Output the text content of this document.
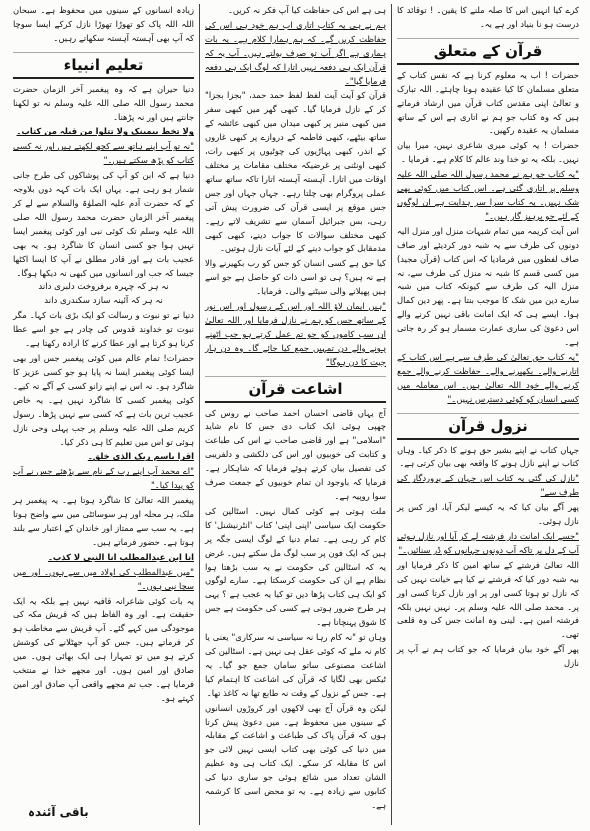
کرے کیا انہیں اس کا صلہ ملنے کا یقین۔ ! توقائد کا درست ہو نا بنیاد اور ہے یہ۔

قرآن کے متعلق

حضرات ! اب یہ معلوم کرنا ہے کہ نفس کتاب کے متعلق مسلمان کا کیا عقیدہ ہونا چاہئے۔ اللہ تبارک و تعالیٰ اپنی مقدس کتاب قرآن میں ارشاد فرماتے ہیں کہ وہ کتاب جو ہم نے اتاری ہے اس کے ساتھ مسلمان یہ عقیدہ رکھیں۔

حضرات ! یہ کوئی میری شاعری نہیں، میرا بیان نہیں۔ بلکہ یہ تو خدا وند عالم کا کلام ہے۔ فرمایا ۔

"یہ کتاب جو ہم نے محمد رسول اللہ صلی اللہ علیہ وسلم پر اتاری گئی ہے۔ اس کتاب میں کوئی بھی شک نہیں۔ یہ کتاب سرا سر ہدایت ہے ان لوگوں کے لئے جو پرہیز گار ہیں۔"

اس آیت کریمہ میں تمام شبہات منزل اور منزل الیہ دونوں کی طرف سے یہ شبہ دور کردیئے اور صاف صاف لفظوں میں فرمادیا کہ اس کتاب (قرآن مجید) میں کسی قسم کا شبہ نہ منزل کی طرف سے، نہ منزل الیہ کی طرف سے کیونکہ کتاب میں شبہ سارے دین میں شک کا موجب بنتا ہے۔ پھر دین کمال ہوا۔ ایسے ہی کہ ایک امانت باقی نہیں کرنے والے اس دعویٰ کی ساری عمارت مسمار ہو کر رہ جاتی ہے۔

"یہ کتاب حق تعالیٰ کی طرف سے ہے اس کتاب کے اتارنے والے۔ بکھیرنے والے۔ حفاظت کرنے والے جمع کرنے والے خود اللہ تعالیٰ ہیں۔ اس معاملہ میں کسی انسان کو کوئی دسترس نہیں۔"

نزول قرآن

جہاں کتاب نے اپنے بشیر حق ہونے کا ذکر کیا۔ وہاں کتاب نے اپنے نازل ہونے کا واقعہ بھی بیان کرتی ہے۔

"نازل کی گئی یہ کتاب اس جہان کے پروردگار کی طرف سے"

پھر آگے بیان کیا کہ یہ کیسے لیکر آیا، اور کس پر نازل ہوئی۔

"جسے ایک امانت دار فرشتہ لے کر آیا اور نازل ہوئی آپ کے دل پر تاکہ آپ دونوں جہانوں کو ڈر سنائیں۔"

اللہ تعالیٰ فرشتے کے ساتھ امین کا ذکر فرمایا اور بیہ شبہ دور کیا کہ فرشتے نے کیا ہے خیانت نہیں کی کہ نازل تو ہوتا کسی اور پر اور نازل کرتا کسی اور پر۔ محمد صلی اللہ علیہ وسلم پر۔ نہیں نہیں بلکہ فرشتہ امین ہے۔ لینی وہ امانت جس کی وہ قلعی تھی۔

پھر آگے خود بیان فرمایا کہ جو کتاب ہم نے آپ پر نازل

ہی ہے اس کی حفاظت کیا آپ فکر نہ کریں۔

ہم نے ہی یہ کتاب اتاری اب ہم خود ہی اس کی حفاظت کریں گے۔ کہ ہم ہمارا کلام ہے۔ یہ بات ہماری ہے اگر آپ تو صرف بولتے ہیں۔ آپ یہ کہ قرآن ایک ہی دفعہ نہیں اتارا کہ لوگ ایک ہی دفعہ فرمایا گیا"۔

قرآن کو آیت آیت لفظ لفظ حمد حمد، "بجزا بجزا" کر کے نازل فرمایا گیا۔ کبھی گھر میں کبھی سفر میں کبھی منبر پر کبھی میدان میں کبھی عائشہ کے ساتھ بیٹھے، کبھی فاطمہ کے دروازے پر کبھی غاروں کے اندر، کبھی پہاڑیوں کی چوٹیوں پر کبھی رات، کبھی اونٹنی پر غرضیکہ مختلف مقامات پر مختلف اوقات میں اتارا۔ آہستہ آہستہ اتارا تاکہ ساتھ ساتھ عملی پروگرام بھی چلتا رہے۔ جہاں جہاں اور جس جس موقع پر ایسی قرآن کی ضرورت پیش آتی رہی، بس جبرائیل آسمان سے تشریف لاتے رہے۔ کبھی مختلف سوالات کا جواب دینے، کبھی کبھی مدمقابل کو جواب دینے کے لئے آیات نازل ہوتیں۔

کیا حق ہے کسی انسان کو جس کو رب بکھیرنے والا ہے نہ ہیں؟ ہی تو اسی ذات کو حاصل ہے جو اسے ہیں پھیلانے والی سیٹنے والی۔ فرمایا۔

"ہیں ایمان لاؤ اللہ اور اس کے رسول اور اس نور کے ساتھ جس کو ہم نے نازل فرمایا اور اللہ تعالیٰ ان سب کاموں کو جو تم عمل کرتے ہو جب اٹھنے ہونے والے دن تمہیں جمع کیا جائے گا۔ وہ دن ہار جیت کا دن ہوگا"

اشاعت قرآن

آج یہاں قاضی احسان احمد صاحب نے روس کی چھپی ہوئی ایک کتاب دی جس کا نام شاید "اسلامی" ہے اور قاضی صاحب نے اس کی طباعت و کتابت کی خوبیوں اور اس کی دلکشی و دلفریبی کی تفصیل بیان کرتے ہوئے فرمایا کہ شاہکار ہے۔ فرمایا کہ باوجود ان تمام خوبیوں کے جمعت صرف سوا روپیہ ہے۔

ملت ہوتی ہے کوئی کمال نہیں۔ اسٹالین کی حکومت ایک سیاسی 'اپنی اپنی' کتاب 'انٹرنیشنل' کا کام کر رہی ہے۔ تمام دنیا کے لوگ ایسی جگہ پر ہیں کہ ایک فون پر سب لوگ مل سکتے ہیں۔ غرض یہ کہ اسٹالین کی حکومت نے یہ سب بڑھتا ہوا نظام ہے ان کی حکومت کرسکتا ہے۔ سارے لوگوں کو ایک ہی کتاب پڑھا دیں تو کیا یہ عجب ہے ؟ یہی ہر طرح ضرور ہوتی ہے کسی کی حکومت ہے جس کا شوق پہنچانا ہے۔

وہاں تو "نہ کام رہا نہ سیاسی نہ سرکاری" یعنی یا کام نہ ملے کہ کوئی عقل ہی نہیں ہے۔ اسٹالین کی اشاعت مصنوعی ساتو سامان جمع جو گیا۔ یہ ٹیکس بھی لگایا کہ قرآن کی اشاعت کا اہتمام کیا ہے۔ جس کے نزول کے وقت نہ طابع تھا نہ کاغذ تھا۔

لیکن وہ قرآن آج بھی لاکھوں اور کروڑوں انسانوں کے سینوں میں محفوظ ہے۔ میں دعویٰ پیش کرتا ہوں کہ قرآن پاک کی طباعت و اشاعت کے مقابلہ میں دنیا کی کوئی بھی کتاب ایسی نہیں لائی جو اس کا مقابلہ کر سکے۔ ایک کتاب ہی وہ عظیم الشان تعداد میں شائع ہوئی جو ساری دنیا کی کتابوں سے زیادہ ہے۔ یہ تو محض اسی کا کرشمہ ہے۔

زیادہ انسانوں کے سینوں میں محفوظ ہے۔ سبحان اللہ اللہ پاک کو تھوڑا تھوڑا نازل کرکے ایسا سوچا کہ آپ بھی آہستہ آہستہ سکھاتے رہیں۔

تعلیم انبیاء

دنیا حیران ہے کہ وہ پیغمبر آخر الزمان حضرت محمد رسول اللہ صلی اللہ علیہ وسلم نہ تو لکھنا جانتے ہیں اور نہ پڑھنا۔

ولا تخط بیمینک ولا تتلوا من قبلہ من کتاب۔

"نہ تو آپ اپنے ہاتھ سے کچھ لکھتے ہیں اور نہ کسی کتاب کو پڑھ سکتے ہیں۔"

دنیا ہے کہ ابن کو آپ کی پوشاکوں کی طرح جانی شمار ہو رہی ہے۔ یہاں ایک بات کہہ دوں بلاوجہ کے کہ حضرت آدم علیہ الصلوٰۃ والسلام سے لے کر پیغمبر آخر الزمان حضرت محمد رسول اللہ صلی اللہ علیہ وسلم تک کوئی نبی اور کوئی پیغمبر ایسا نہیں ہوا جو کسی انسان کا شاگرد ہو۔ یہ بھی عجیب بات ہے اور قادر مطلق نے آپ کا ایسا اکٹھا جیسا کہ جب اور انسانوں میں کبھی نہ دیکھا ہوگا۔

نہ ہر کہ چہرہ برفروخت دلبری داند

نہ ہر کہ آئینہ سازد سکندری داند

دنیا نے تو نبوت و رسالت کو ایک بڑی بات کہا۔ مگر نبوت تو خداوند قدوس کی چادر ہے جو اسے عطا کرنا ہو کرتا ہے اور عطا کرنے کا ارادہ رکھتا ہے۔

حضرات! تمام عالم میں کوئی پیغمبر جس اور بھی ایسا کوئی پیغمبر ایسا نہ پایا ہو جو کسی عزیز کا شاگرد ہو۔ نہ اس نے اپنے زانو کسی کے آگے تہ کیے۔ کوئی پیغمبر کسی کا شاگرد نہیں ہے۔ یہ خاص عجیب ترین بات ہے کہ کسی سے نہیں پڑھا۔ رسول کریم صلی اللہ علیہ وسلم پر جب پہلی وحی نازل ہوئی تو اس میں تعلیم کا ہی ذکر کیا۔

اقرا باسم ربک الذی خلق۔

"اے محمد آپ اپنے رب کے نام سے پڑھئے جس نے آپ کو پیدا کیا۔"

پیغمبر اللہ تعالیٰ کا شاگرد ہوتا ہے۔ یہ پیغمبر ہر ملک، ہر محلہ اور ہر سوسائٹی میں سے واضح ہوتا ہے۔ یہ سب سے ممتاز اور خاندان کے اعتبار سے بلند ہوتا ہے۔ حضور فرماتے ہیں۔

انا ابن عبدالمطلب انا النبی لا کذب۔

"میں عبدالمطلب کی اولاد میں سے ہوں۔ اور میں سچا نبی ہوں۔"

یہ بات کوئی شاعرانہ قافیہ نہیں ہے بلکہ یہ ایک حقیقت ہے۔ اور وہ الفاظ ہیں کہ قریش مکہ کی موجودگی میں کہے گئے۔ آپ قریش سے مخاطب ہو کر فرماتے ہیں۔ جس کو آپ جھٹلانے کی کوشش کرتے ہو میں تو تمہارا ہی ایک بھائی ہوں۔ میں صادق اور امین ہوں۔ اور مجھے خدا نے منتخب فرمایا ہے۔ جب تم مجھے واقعی آپ صادق اور امین کہتے ہو۔

باقی آئندہ
